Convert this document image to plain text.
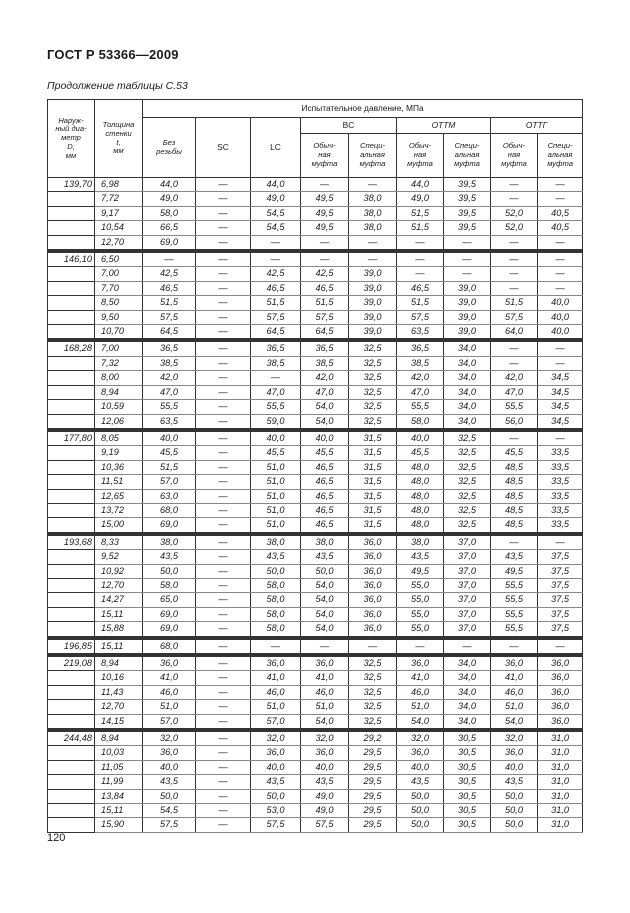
ГОСТ Р 53366—2009
Продолжение таблицы С.53
Наруж-
ный диа-
метр
D,
мм	Толщина
стенки
t,
мм	Испытательное давление, МПа								
		Без
резьбы	SC	LC	BC		ОТТМ		ОТТГ	
					Обыч-
ная
муфта	Специ-
альная
муфта	Обыч-
ная
муфта	Специ-
альная
муфта	Обыч-
ная
муфта	Специ-
альная
муфта
139,70	6,98	44,0	—	44,0	—	—	44,0	39,5	—	—
	7,72	49,0	—	49,0	49,5	38,0	49,0	39,5	—	—
	9,17	58,0	—	54,5	49,5	38,0	51,5	39,5	52,0	40,5
	10,54	66,5	—	54,5	49,5	38,0	51,5	39,5	52,0	40,5
	12,70	69,0	—	—	—	—	—	—	—	—
146,10	6,50	—	—	—	—	—	—	—	—	—
	7,00	42,5	—	42,5	42,5	39,0	—	—	—	—
	7,70	46,5	—	46,5	46,5	39,0	46,5	39,0	—	—
	8,50	51,5	—	51,5	51,5	39,0	51,5	39,0	51,5	40,0
	9,50	57,5	—	57,5	57,5	39,0	57,5	39,0	57,5	40,0
	10,70	64,5	—	64,5	64,5	39,0	63,5	39,0	64,0	40,0
168,28	7,00	36,5	—	36,5	36,5	32,5	36,5	34,0	—	—
	7,32	38,5	—	38,5	38,5	32,5	38,5	34,0	—	—
	8,00	42,0	—	—	42,0	32,5	42,0	34,0	42,0	34,5
	8,94	47,0	—	47,0	47,0	32,5	47,0	34,0	47,0	34,5
	10,59	55,5	—	55,5	54,0	32,5	55,5	34,0	55,5	34,5
	12,06	63,5	—	59,0	54,0	32,5	58,0	34,0	56,0	34,5
177,80	8,05	40,0	—	40,0	40,0	31,5	40,0	32,5	—	—
	9,19	45,5	—	45,5	45,5	31,5	45,5	32,5	45,5	33,5
	10,36	51,5	—	51,0	46,5	31,5	48,0	32,5	48,5	33,5
	11,51	57,0	—	51,0	46,5	31,5	48,0	32,5	48,5	33,5
	12,65	63,0	—	51,0	46,5	31,5	48,0	32,5	48,5	33,5
	13,72	68,0	—	51,0	46,5	31,5	48,0	32,5	48,5	33,5
	15,00	69,0	—	51,0	46,5	31,5	48,0	32,5	48,5	33,5
193,68	8,33	38,0	—	38,0	38,0	36,0	38,0	37,0	—	—
	9,52	43,5	—	43,5	43,5	36,0	43,5	37,0	43,5	37,5
	10,92	50,0	—	50,0	50,0	36,0	49,5	37,0	49,5	37,5
	12,70	58,0	—	58,0	54,0	36,0	55,0	37,0	55,5	37,5
	14,27	65,0	—	58,0	54,0	36,0	55,0	37,0	55,5	37,5
	15,11	69,0	—	58,0	54,0	36,0	55,0	37,0	55,5	37,5
	15,88	69,0	—	58,0	54,0	36,0	55,0	37,0	55,5	37,5
196,85	15,11	68,0	—	—	—	—	—	—	—	—
219,08	8,94	36,0	—	36,0	36,0	32,5	36,0	34,0	36,0	36,0
	10,16	41,0	—	41,0	41,0	32,5	41,0	34,0	41,0	36,0
	11,43	46,0	—	46,0	46,0	32,5	46,0	34,0	46,0	36,0
	12,70	51,0	—	51,0	51,0	32,5	51,0	34,0	51,0	36,0
	14,15	57,0	—	57,0	54,0	32,5	54,0	34,0	54,0	36,0
244,48	8,94	32,0	—	32,0	32,0	29,2	32,0	30,5	32,0	31,0
	10,03	36,0	—	36,0	36,0	29,5	36,0	30,5	36,0	31,0
	11,05	40,0	—	40,0	40,0	29,5	40,0	30,5	40,0	31,0
	11,99	43,5	—	43,5	43,5	29,5	43,5	30,5	43,5	31,0
	13,84	50,0	—	50,0	49,0	29,5	50,0	30,5	50,0	31,0
	15,11	54,5	—	53,0	49,0	29,5	50,0	30,5	50,0	31,0
	15,90	57,5	—	57,5	57,5	29,5	50,0	30,5	50,0	31,0
120
